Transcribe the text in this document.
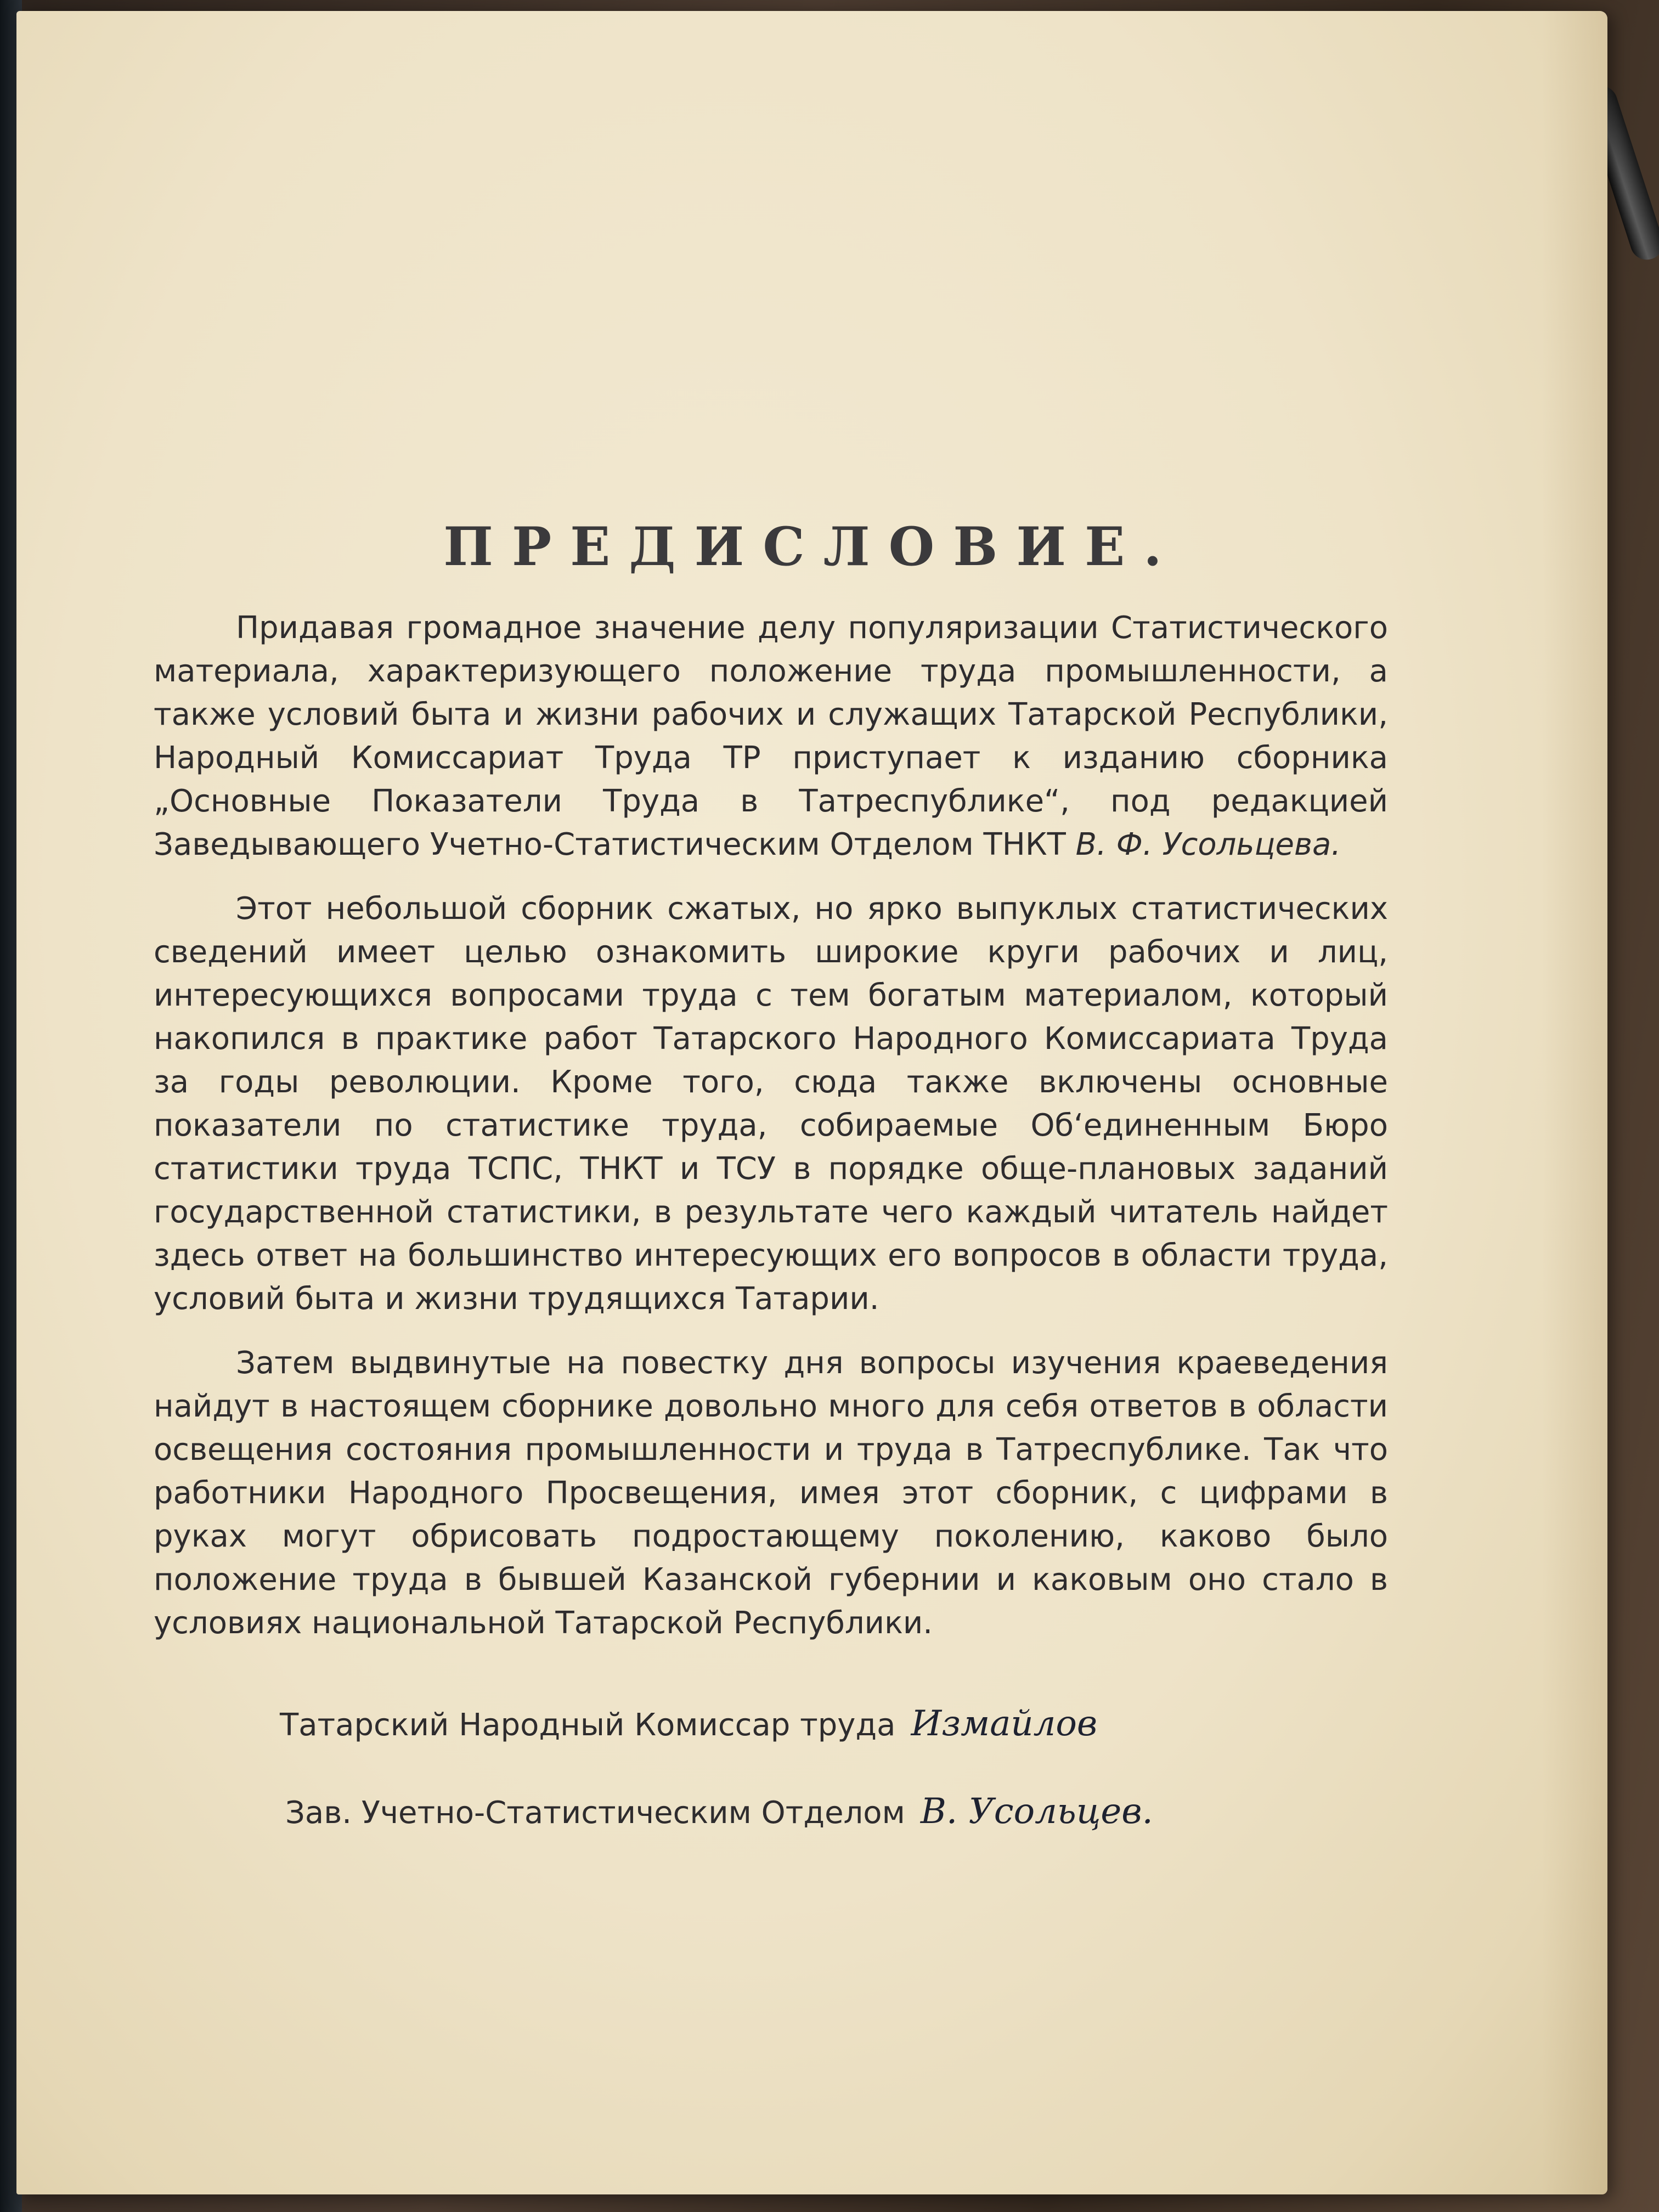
ПРЕДИСЛОВИЕ.

Придавая громадное значение делу популяризации Статистического материала, характеризующего положение труда промышленности, а также условий быта и жизни рабочих и служащих Татарской Республики, Народный Комиссариат Труда ТР приступает к изданию сборника „Основные Показатели Труда в Татреспублике“, под редакцией Заведывающего Учетно-Статистическим Отделом ТНКТ В. Ф. Усольцева.

Этот небольшой сборник сжатых, но ярко выпуклых статистических сведений имеет целью ознакомить широкие круги рабочих и лиц, интересующихся вопросами труда с тем богатым материалом, который накопился в практике работ Татарского Народного Комиссариата Труда за годы революции. Кроме того, сюда также включены основные показатели по статистике труда, собираемые Об‘единенным Бюро статистики труда ТСПС, ТНКТ и ТСУ в порядке обще-плановых заданий государственной статистики, в результате чего каждый читатель найдет здесь ответ на большинство интересующих его вопросов в области труда, условий быта и жизни трудящихся Татарии.

Затем выдвинутые на повестку дня вопросы изучения краеведения найдут в настоящем сборнике довольно много для себя ответов в области освещения состояния промышленности и труда в Татреспублике. Так что работники Народного Просвещения, имея этот сборник, с цифрами в руках могут обрисовать подростающему поколению, каково было положение труда в бывшей Казанской губернии и каковым оно стало в условиях национальной Татарской Республики.

Татарский Народный Комиссар труда Измайлов
Зав. Учетно-Статистическим Отделом В. Усольцев.
